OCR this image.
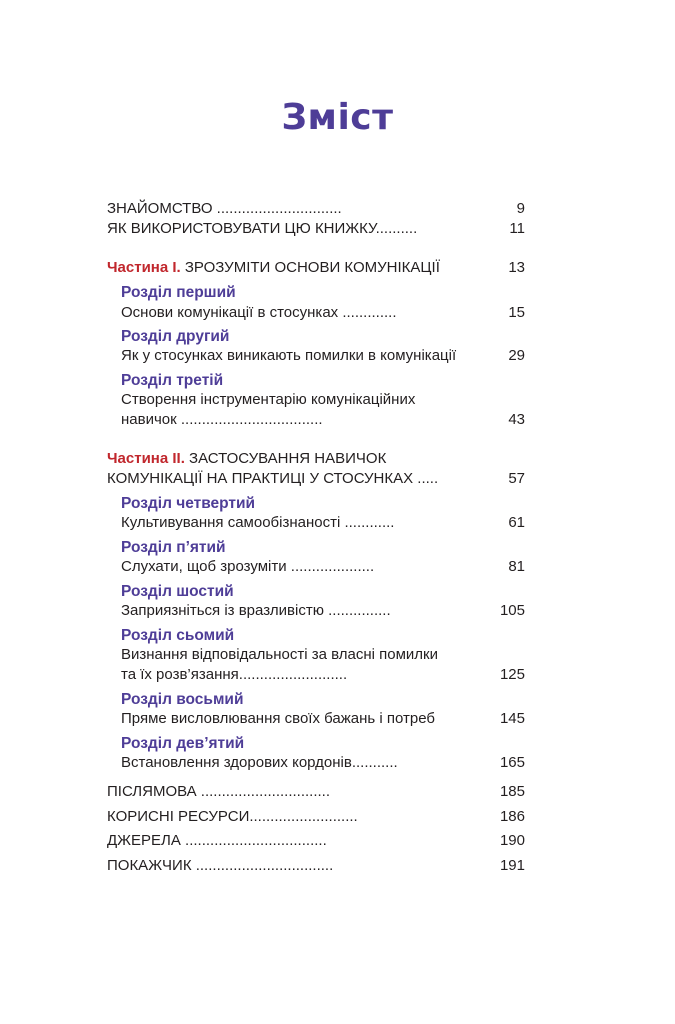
Зміст
ЗНАЙОМСТВО ..............................	9
ЯК ВИКОРИСТОВУВАТИ ЦЮ КНИЖКУ..........	11
Частина І. ЗРОЗУМІТИ ОСНОВИ КОМУНІКАЦІЇ	13
Розділ перший
Основи комунікації в стосунках .............	15
Розділ другий
Як у стосунках виникають помилки в комунікації	29
Розділ третій
Створення інструментарію комунікаційних
навичок ..................................	43
Частина ІІ. ЗАСТОСУВАННЯ НАВИЧОК
КОМУНІКАЦІЇ НА ПРАКТИЦІ У СТОСУНКАХ .....	57
Розділ четвертий
Культивування самообізнаності ............	61
Розділ п’ятий
Слухати, щоб зрозуміти ....................	81
Розділ шостий
Заприязніться із вразливістю ...............	105
Розділ сьомий
Визнання відповідальності за власні помилки
та їх розв’язання..........................	125
Розділ восьмий
Пряме висловлювання своїх бажань і потреб	145
Розділ дев’ятий
Встановлення здорових кордонів...........	165
ПІСЛЯМОВА ...............................	185
КОРИСНІ РЕСУРСИ..........................	186
ДЖЕРЕЛА ..................................	190
ПОКАЖЧИК .................................	191
